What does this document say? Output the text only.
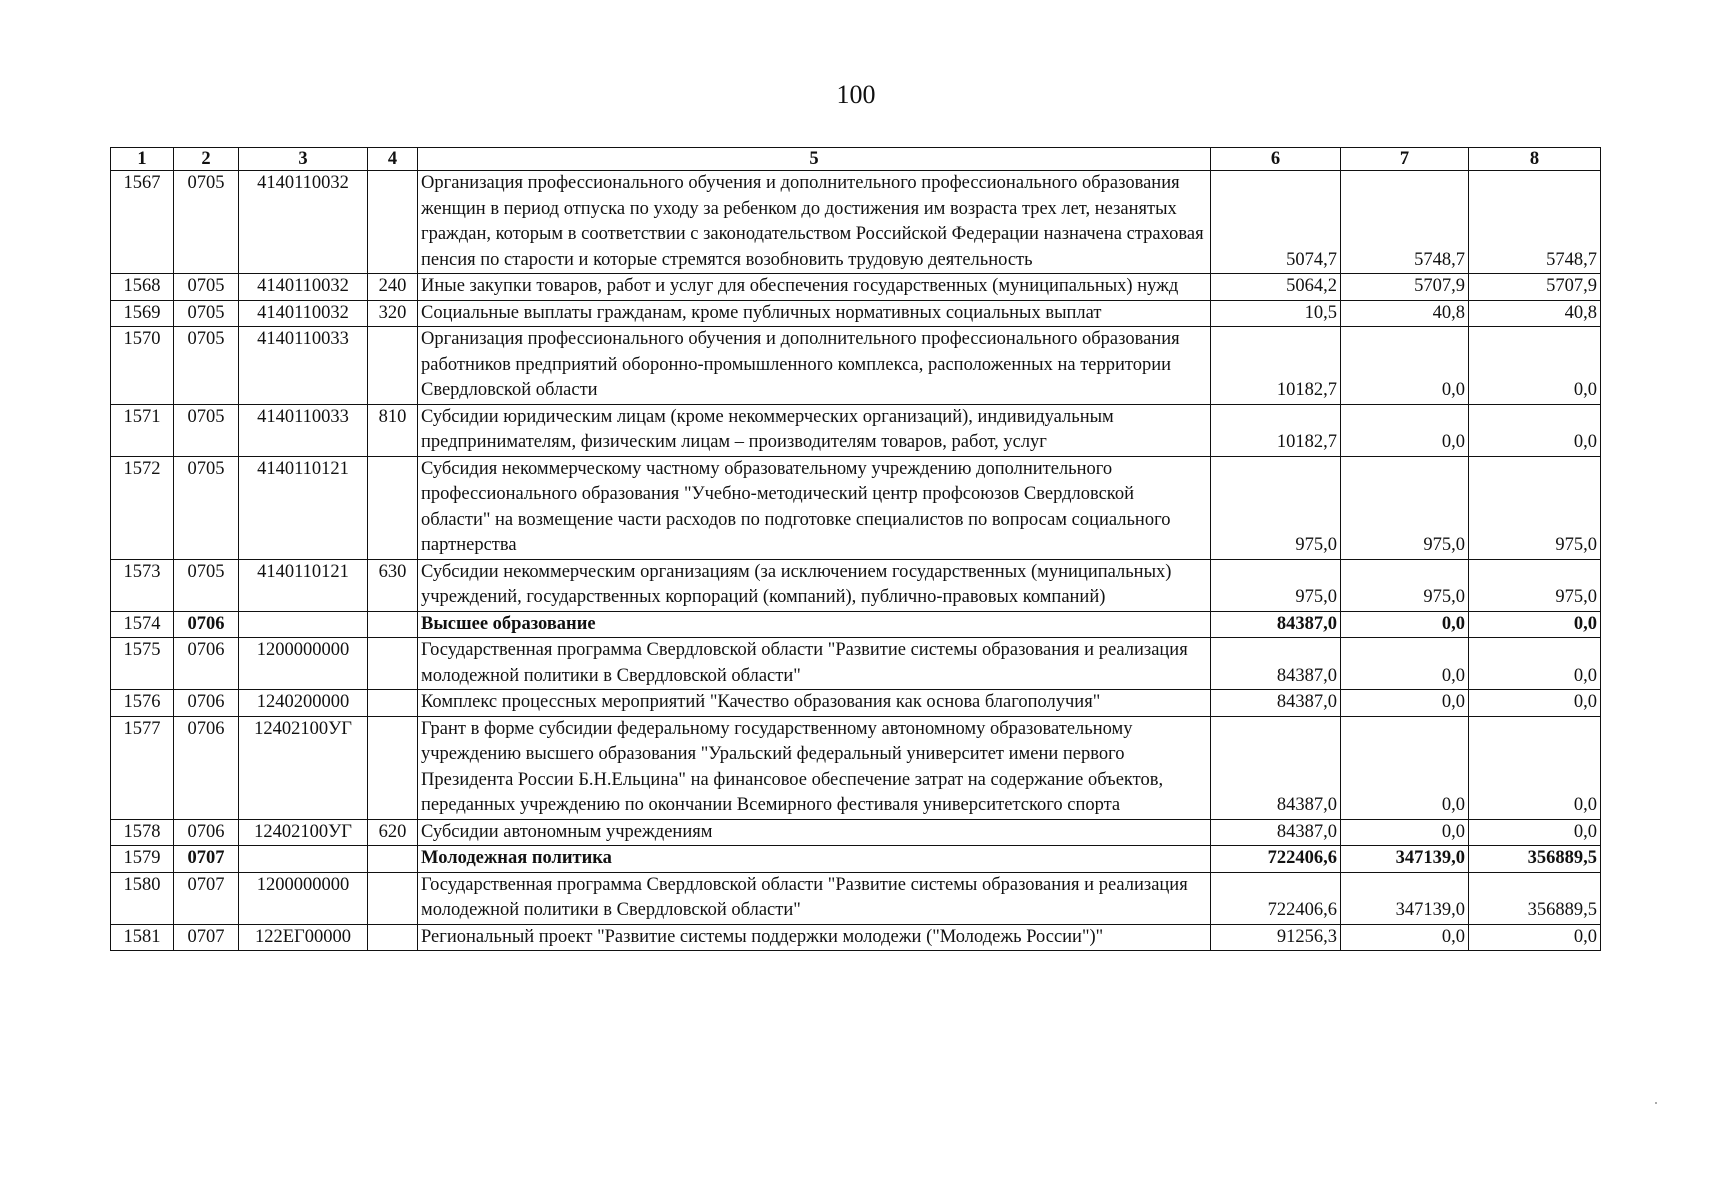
100
1	2	3	4	5	6	7	8
1567	0705	4140110032		Организация профессионального обучения и дополнительного профессионального образования женщин в период отпуска по уходу за ребенком до достижения им возраста трех лет, незанятых граждан, которым в соответствии с законодательством Российской Федерации назначена страховая пенсия по старости и которые стремятся возобновить трудовую деятельность	5074,7	5748,7	5748,7
1568	0705	4140110032	240	Иные закупки товаров, работ и услуг для обеспечения государственных (муниципальных) нужд	5064,2	5707,9	5707,9
1569	0705	4140110032	320	Социальные выплаты гражданам, кроме публичных нормативных социальных выплат	10,5	40,8	40,8
1570	0705	4140110033		Организация профессионального обучения и дополнительного профессионального образования работников предприятий оборонно-промышленного комплекса, расположенных на территории Свердловской области	10182,7	0,0	0,0
1571	0705	4140110033	810	Субсидии юридическим лицам (кроме некоммерческих организаций), индивидуальным предпринимателям, физическим лицам – производителям товаров, работ, услуг	10182,7	0,0	0,0
1572	0705	4140110121		Субсидия некоммерческому частному образовательному учреждению дополнительного профессионального образования "Учебно-методический центр профсоюзов Свердловской области" на возмещение части расходов по подготовке специалистов по вопросам социального партнерства	975,0	975,0	975,0
1573	0705	4140110121	630	Субсидии некоммерческим организациям (за исключением государственных (муниципальных) учреждений, государственных корпораций (компаний), публично-правовых компаний)	975,0	975,0	975,0
1574	0706			Высшее образование	84387,0	0,0	0,0
1575	0706	1200000000		Государственная программа Свердловской области "Развитие системы образования и реализация молодежной политики в Свердловской области"	84387,0	0,0	0,0
1576	0706	1240200000		Комплекс процессных мероприятий "Качество образования как основа благополучия"	84387,0	0,0	0,0
1577	0706	12402100УГ		Грант в форме субсидии федеральному государственному автономному образовательному учреждению высшего образования "Уральский федеральный университет имени первого Президента России Б.Н.Ельцина" на финансовое обеспечение затрат на содержание объектов, переданных учреждению по окончании Всемирного фестиваля университетского спорта	84387,0	0,0	0,0
1578	0706	12402100УГ	620	Субсидии автономным учреждениям	84387,0	0,0	0,0
1579	0707			Молодежная политика	722406,6	347139,0	356889,5
1580	0707	1200000000		Государственная программа Свердловской области "Развитие системы образования и реализация молодежной политики в Свердловской области"	722406,6	347139,0	356889,5
1581	0707	122ЕГ00000		Региональный проект "Развитие системы поддержки молодежи ("Молодежь России")"	91256,3	0,0	0,0
